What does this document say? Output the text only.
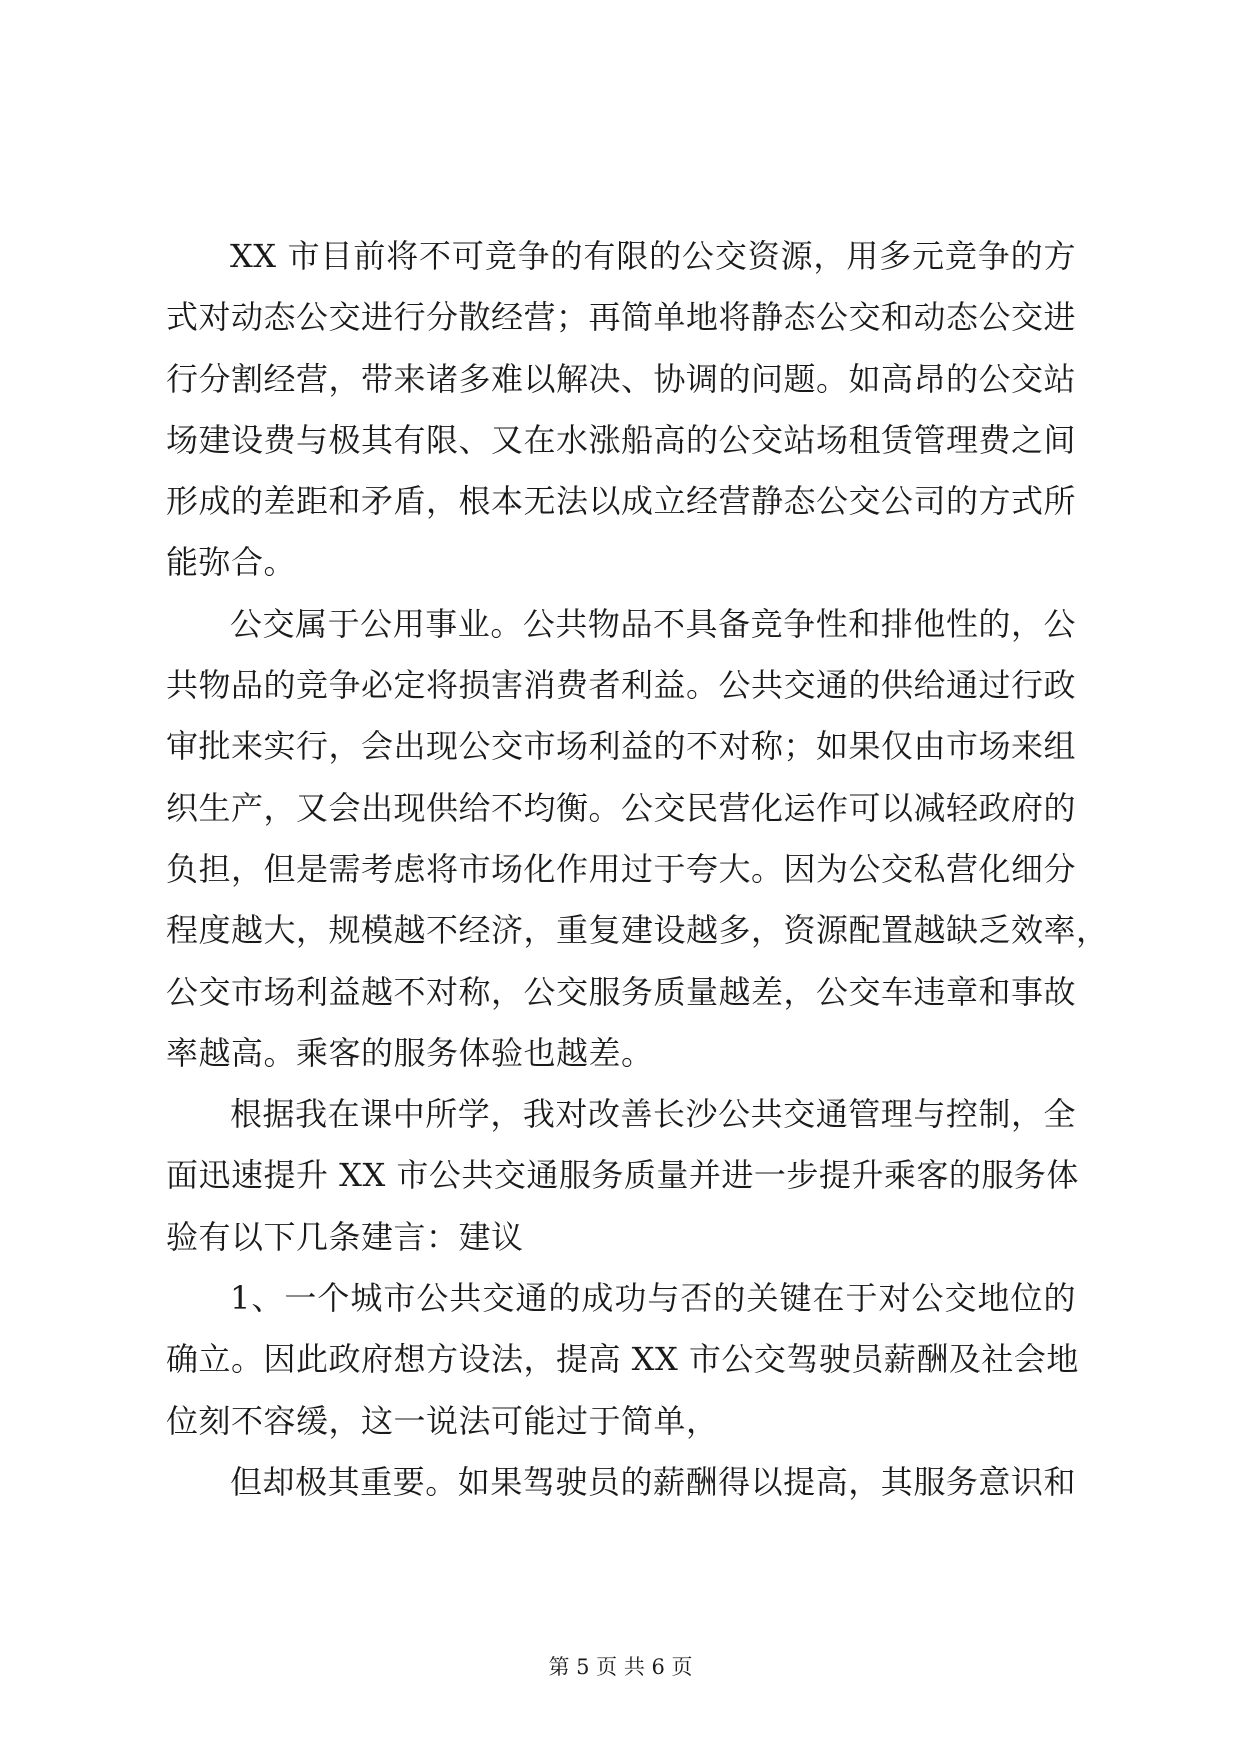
XX 市目前将不可竞争的有限的公交资源，用多元竞争的方
式对动态公交进行分散经营；再简单地将静态公交和动态公交进
行分割经营，带来诸多难以解决、协调的问题。如高昂的公交站
场建设费与极其有限、又在水涨船高的公交站场租赁管理费之间
形成的差距和矛盾，根本无法以成立经营静态公交公司的方式所
能弥合。
公交属于公用事业。公共物品不具备竞争性和排他性的，公
共物品的竞争必定将损害消费者利益。公共交通的供给通过行政
审批来实行，会出现公交市场利益的不对称；如果仅由市场来组
织生产，又会出现供给不均衡。公交民营化运作可以减轻政府的
负担，但是需考虑将市场化作用过于夸大。因为公交私营化细分
程度越大，规模越不经济，重复建设越多，资源配置越缺乏效率，
公交市场利益越不对称，公交服务质量越差，公交车违章和事故
率越高。乘客的服务体验也越差。
根据我在课中所学，我对改善长沙公共交通管理与控制，全
面迅速提升 XX 市公共交通服务质量并进一步提升乘客的服务体
验有以下几条建言：建议
1、一个城市公共交通的成功与否的关键在于对公交地位的
确立。因此政府想方设法，提高 XX 市公交驾驶员薪酬及社会地
位刻不容缓，这一说法可能过于简单，
但却极其重要。如果驾驶员的薪酬得以提高，其服务意识和
第 5 页 共 6 页
